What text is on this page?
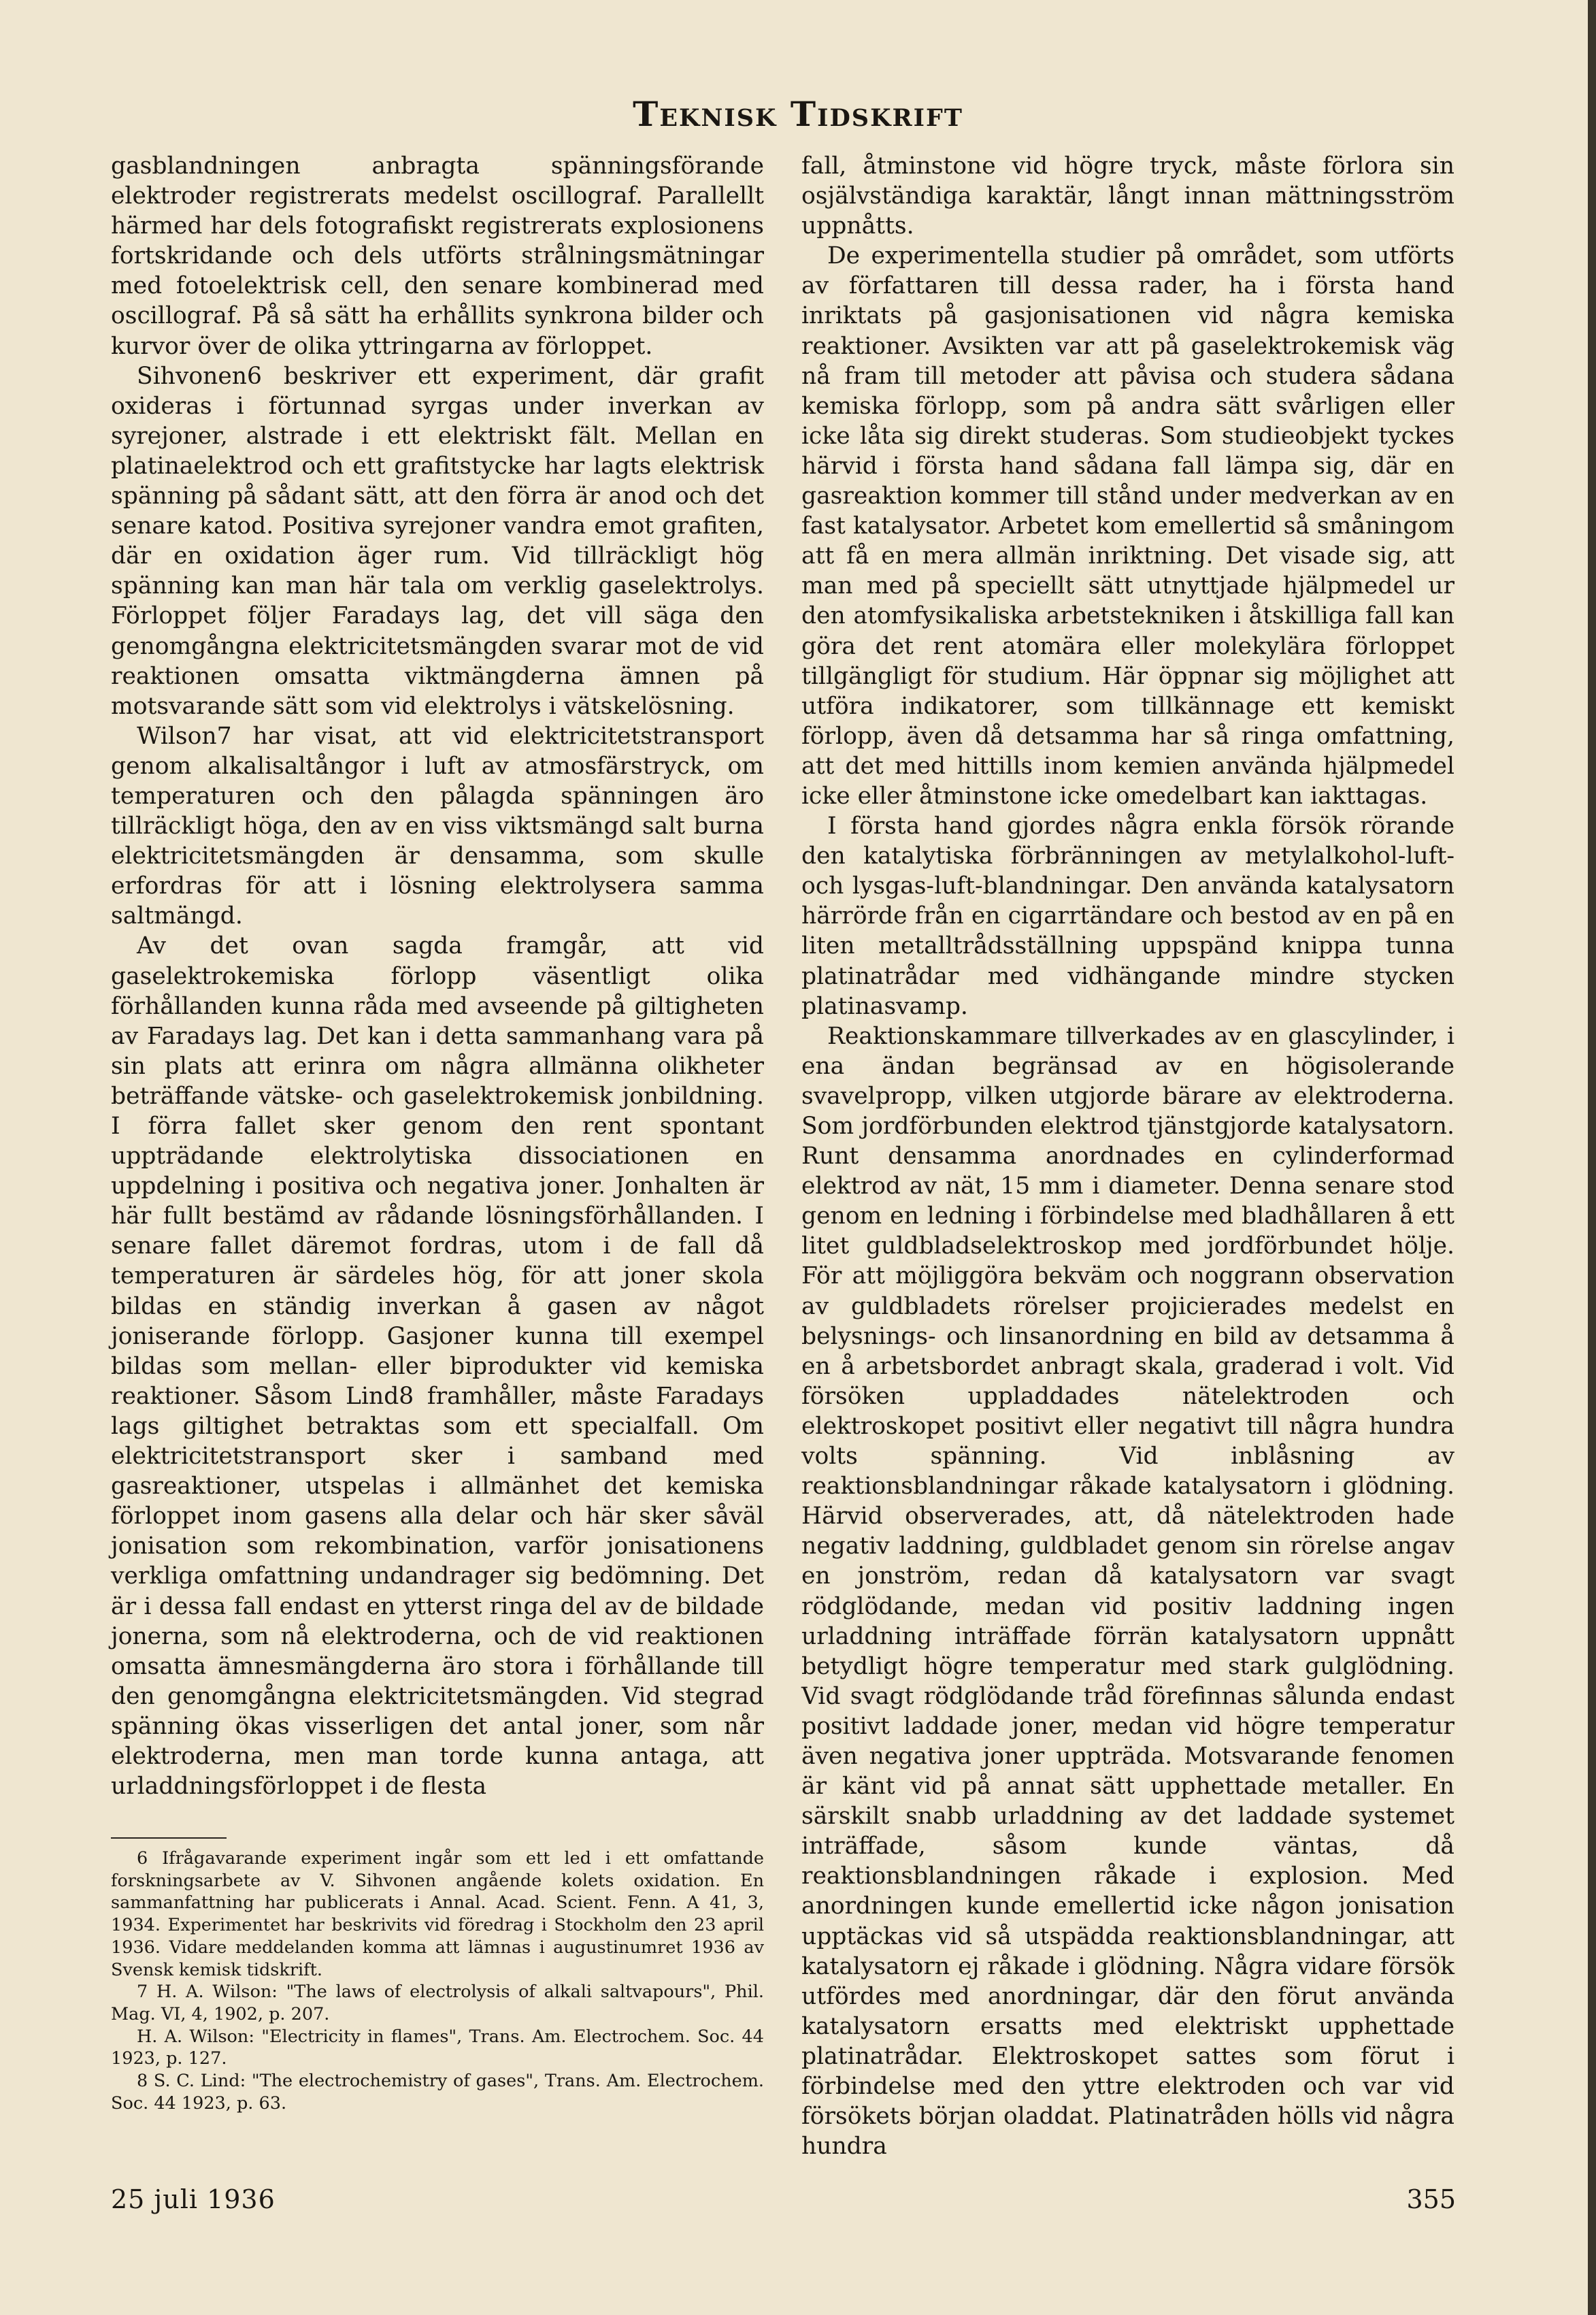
Teknisk Tidskrift

gasblandningen anbragta spänningsförande elektroder registrerats medelst oscillograf. Parallellt härmed har dels fotografiskt registrerats explosionens fortskridande och dels utförts strålningsmätningar med fotoelektrisk cell, den senare kombinerad med oscillograf. På så sätt ha erhållits synkrona bilder och kurvor över de olika yttringarna av förloppet.

Sihvonen6 beskriver ett experiment, där grafit oxideras i förtunnad syrgas under inverkan av syrejoner, alstrade i ett elektriskt fält. Mellan en platinaelektrod och ett grafitstycke har lagts elektrisk spänning på sådant sätt, att den förra är anod och det senare katod. Positiva syrejoner vandra emot grafiten, där en oxidation äger rum. Vid tillräckligt hög spänning kan man här tala om verklig gaselektrolys. Förloppet följer Faradays lag, det vill säga den genomgångna elektricitetsmängden svarar mot de vid reaktionen omsatta viktmängderna ämnen på motsvarande sätt som vid elektrolys i vätskelösning.

Wilson7 har visat, att vid elektricitetstransport genom alkalisaltångor i luft av atmosfärstryck, om temperaturen och den pålagda spänningen äro tillräckligt höga, den av en viss viktsmängd salt burna elektricitetsmängden är densamma, som skulle erfordras för att i lösning elektrolysera samma saltmängd.

Av det ovan sagda framgår, att vid gaselektrokemiska förlopp väsentligt olika förhållanden kunna råda med avseende på giltigheten av Faradays lag. Det kan i detta sammanhang vara på sin plats att erinra om några allmänna olikheter beträffande vätske- och gaselektrokemisk jonbildning. I förra fallet sker genom den rent spontant uppträdande elektrolytiska dissociationen en uppdelning i positiva och negativa joner. Jonhalten är här fullt bestämd av rådande lösningsförhållanden. I senare fallet däremot fordras, utom i de fall då temperaturen är särdeles hög, för att joner skola bildas en ständig inverkan å gasen av något joniserande förlopp. Gasjoner kunna till exempel bildas som mellan- eller biprodukter vid kemiska reaktioner. Såsom Lind8 framhåller, måste Faradays lags giltighet betraktas som ett specialfall. Om elektricitetstransport sker i samband med gasreaktioner, utspelas i allmänhet det kemiska förloppet inom gasens alla delar och här sker såväl jonisation som rekombination, varför jonisationens verkliga omfattning undandrager sig bedömning. Det är i dessa fall endast en ytterst ringa del av de bildade jonerna, som nå elektroderna, och de vid reaktionen omsatta ämnesmängderna äro stora i förhållande till den genomgångna elektricitetsmängden. Vid stegrad spänning ökas visserligen det antal joner, som når elektroderna, men man torde kunna antaga, att urladdningsförloppet i de flesta

6 Ifrågavarande experiment ingår som ett led i ett omfattande forskningsarbete av V. Sihvonen angående kolets oxidation. En sammanfattning har publicerats i Annal. Acad. Scient. Fenn. A 41, 3, 1934. Experimentet har beskrivits vid föredrag i Stockholm den 23 april 1936. Vidare meddelanden komma att lämnas i augustinumret 1936 av Svensk kemisk tidskrift.

7 H. A. Wilson: "The laws of electrolysis of alkali saltvapours", Phil. Mag. VI, 4, 1902, p. 207.

H. A. Wilson: "Electricity in flames", Trans. Am. Electrochem. Soc. 44 1923, p. 127.

8 S. C. Lind: "The electrochemistry of gases", Trans. Am. Electrochem. Soc. 44 1923, p. 63.

fall, åtminstone vid högre tryck, måste förlora sin osjälvständiga karaktär, långt innan mättningsström uppnåtts.

De experimentella studier på området, som utförts av författaren till dessa rader, ha i första hand inriktats på gasjonisationen vid några kemiska reaktioner. Avsikten var att på gaselektrokemisk väg nå fram till metoder att påvisa och studera sådana kemiska förlopp, som på andra sätt svårligen eller icke låta sig direkt studeras. Som studieobjekt tyckes härvid i första hand sådana fall lämpa sig, där en gasreaktion kommer till stånd under medverkan av en fast katalysator. Arbetet kom emellertid så småningom att få en mera allmän inriktning. Det visade sig, att man med på speciellt sätt utnyttjade hjälpmedel ur den atomfysikaliska arbetstekniken i åtskilliga fall kan göra det rent atomära eller molekylära förloppet tillgängligt för studium. Här öppnar sig möjlighet att utföra indikatorer, som tillkännage ett kemiskt förlopp, även då detsamma har så ringa omfattning, att det med hittills inom kemien använda hjälpmedel icke eller åtminstone icke omedelbart kan iakttagas.

I första hand gjordes några enkla försök rörande den katalytiska förbränningen av metylalkohol-luft- och lysgas-luft-blandningar. Den använda katalysatorn härrörde från en cigarrtändare och bestod av en på en liten metalltrådsställning uppspänd knippa tunna platinatrådar med vidhängande mindre stycken platinasvamp.

Reaktionskammare tillverkades av en glascylinder, i ena ändan begränsad av en högisolerande svavelpropp, vilken utgjorde bärare av elektroderna. Som jordförbunden elektrod tjänstgjorde katalysatorn. Runt densamma anordnades en cylinderformad elektrod av nät, 15 mm i diameter. Denna senare stod genom en ledning i förbindelse med bladhållaren å ett litet guldbladselektroskop med jordförbundet hölje. För att möjliggöra bekväm och noggrann observation av guldbladets rörelser projicierades medelst en belysnings- och linsanordning en bild av detsamma å en å arbetsbordet anbragt skala, graderad i volt. Vid försöken uppladdades nätelektroden och elektroskopet positivt eller negativt till några hundra volts spänning. Vid inblåsning av reaktionsblandningar råkade katalysatorn i glödning. Härvid observerades, att, då nätelektroden hade negativ laddning, guldbladet genom sin rörelse angav en jonström, redan då katalysatorn var svagt rödglödande, medan vid positiv laddning ingen urladdning inträffade förrän katalysatorn uppnått betydligt högre temperatur med stark gulglödning. Vid svagt rödglödande tråd förefinnas sålunda endast positivt laddade joner, medan vid högre temperatur även negativa joner uppträda. Motsvarande fenomen är känt vid på annat sätt upphettade metaller. En särskilt snabb urladdning av det laddade systemet inträffade, såsom kunde väntas, då reaktionsblandningen råkade i explosion. Med anordningen kunde emellertid icke någon jonisation upptäckas vid så utspädda reaktionsblandningar, att katalysatorn ej råkade i glödning. Några vidare försök utfördes med anordningar, där den förut använda katalysatorn ersatts med elektriskt upphettade platinatrådar. Elektroskopet sattes som förut i förbindelse med den yttre elektroden och var vid försökets början oladdat. Platinatråden hölls vid några hundra

25 juli 1936	355
